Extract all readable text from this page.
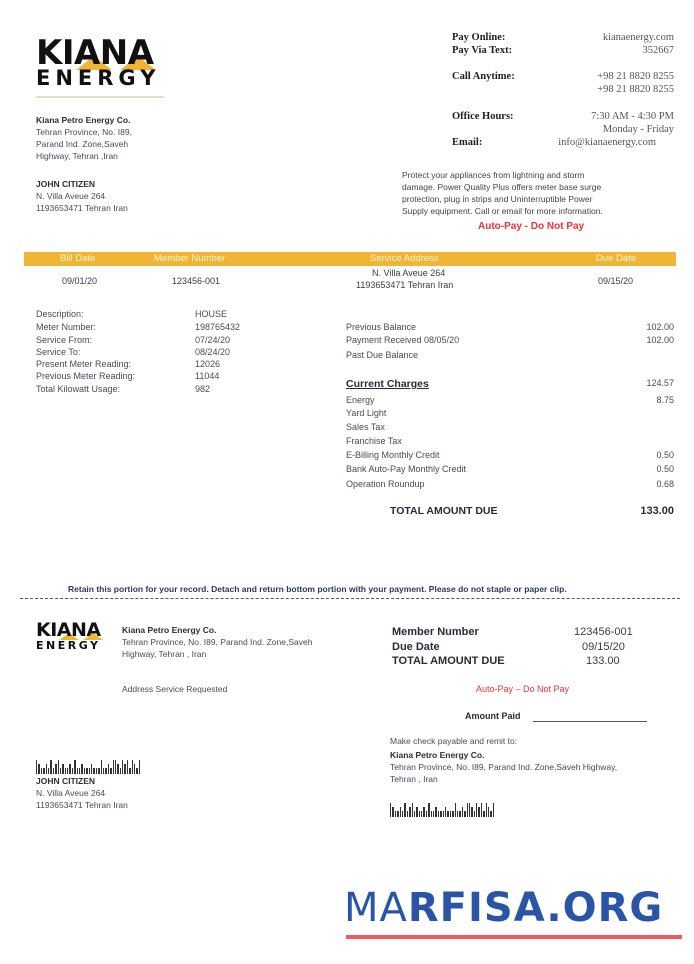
KIANA
ENERGY
Kiana Petro Energy Co.
Tehran Province, No. I89,
Parand Ind. Zone,Saveh
Highway, Tehran ,Iran
JOHN CITIZEN
N. Villa Aveue 264
1193653471 Tehran Iran
Pay Online:	kianaenergy.com
Pay Via Text:	352667
Call Anytime:	+98 21 8820 8255
+98 21 8820 8255
Office Hours:	7:30 AM - 4:30 PM
Monday - Friday
Email:	info@kianaenergy.com
Protect your appliances from lightning and storm
damage. Power Quality Plus offers meter base surge
protection, plug in strips and Uninterruptible Power
Supply equipment. Call or email for more information.
Auto-Pay - Do Not Pay
Bill Date	Member Number	Service Address	Due Date
09/01/20	123456-001
N. Villa Aveue 264
1193653471 Tehran Iran	09/15/20
Description:	HOUSE
Meter Number:	198765432
Service From:	07/24/20
Service To:	08/24/20
Present Meter Reading:	12026
Previous Meter Reading:	11044
Total Kilowatt Usage:	982
Previous Balance	102.00
Payment Received 08/05/20	102.00
Past Due Balance
Current Charges	124.57
Energy	8.75
Yard Light
Sales Tax
Franchise Tax
E-Billing Monthly Credit	0.50
Bank Auto-Pay Monthly Credit	0.50
Operation Roundup	0.68
TOTAL AMOUNT DUE	133.00
Retain this portion for your record. Detach and return bottom portion with your payment. Please do not staple or paper clip.
KIANA
ENERGY
Kiana Petro Energy Co.
Tehran Province, No. I89, Parand Ind. Zone,Saveh
Highway, Tehran , Iran
Address Service Requested
JOHN CITIZEN
N. Villa Aveue 264
1193653471 Tehran Iran
Member Number	123456-001
Due Date	09/15/20
TOTAL AMOUNT DUE	133.00
Auto-Pay – Do Not Pay
Amount Paid
Make check payable and remit to:
Kiana Petro Energy Co.
Tehran Province, No. I89, Parand Ind. Zone,Saveh Highway,
Tehran , Iran
MARFISA.ORG
